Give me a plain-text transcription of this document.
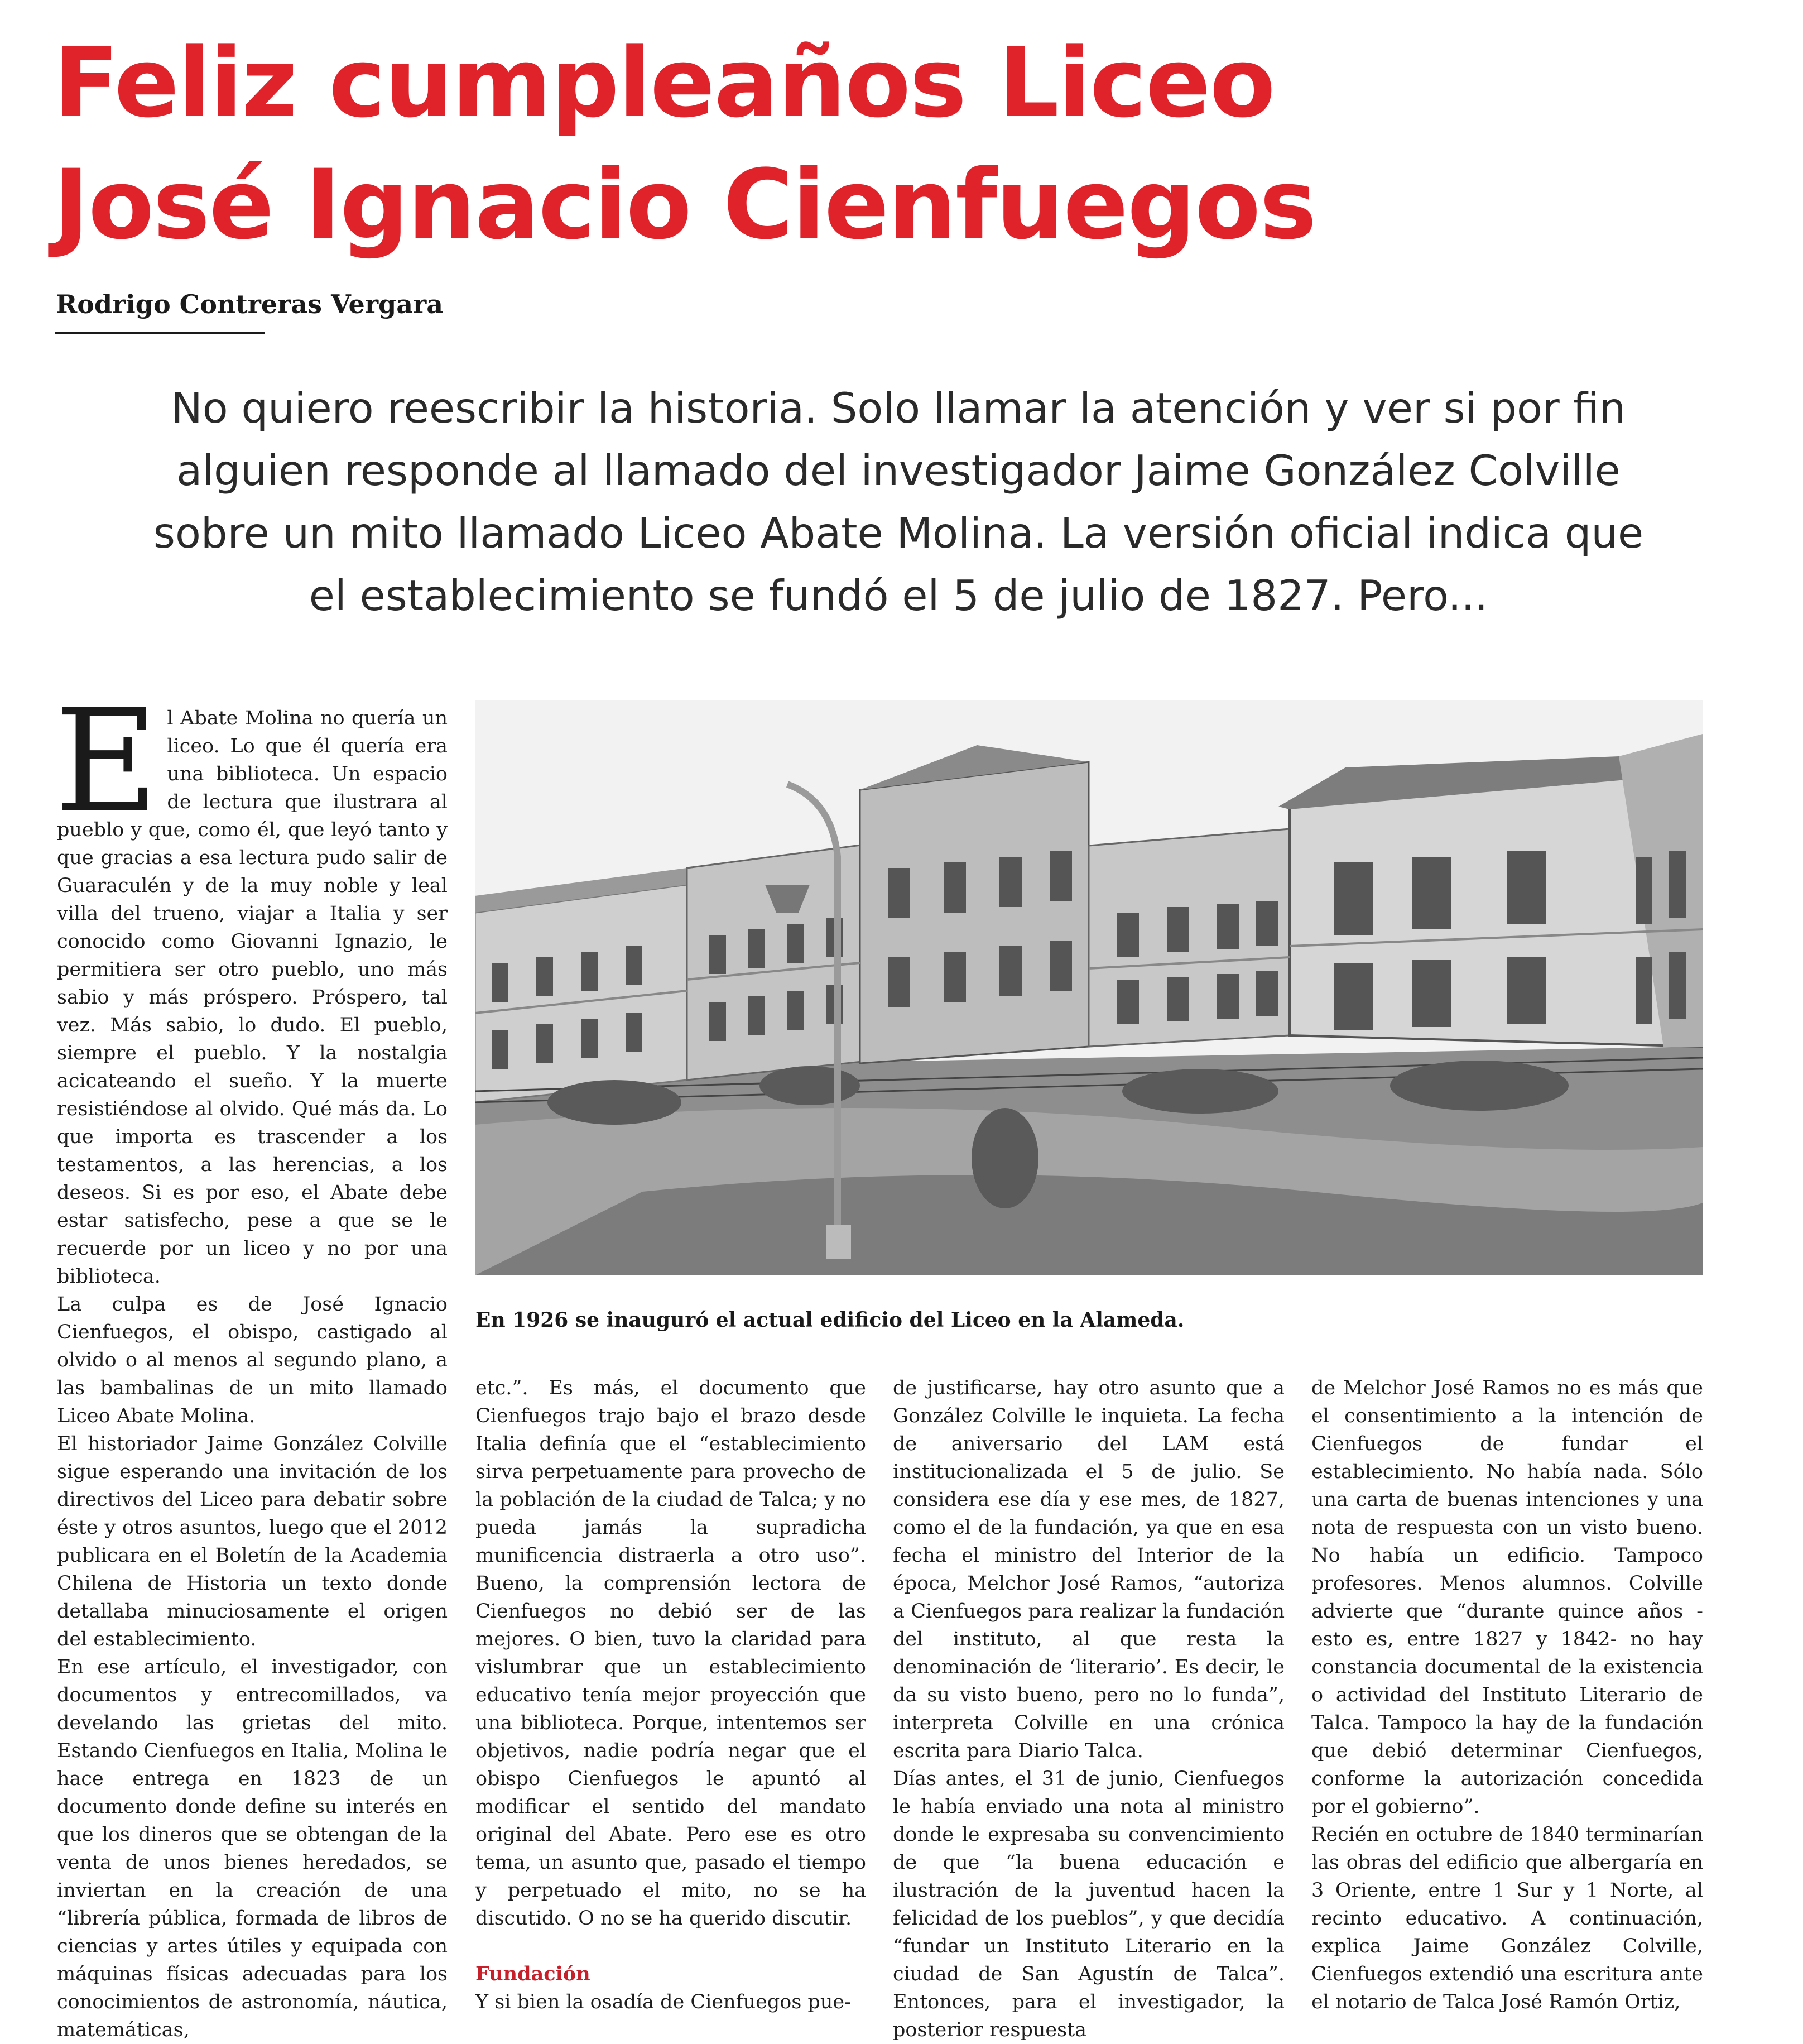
Feliz cumpleaños Liceo
José Ignacio Cienfuegos
Rodrigo Contreras Vergara
No quiero reescribir la historia. Solo llamar la atención y ver si por fin
alguien responde al llamado del investigador Jaime González Colville
sobre un mito llamado Liceo Abate Molina. La versión oficial indica que
el establecimiento se fundó el 5 de julio de 1827. Pero...
E l Abate Molina no quería un liceo. Lo que él quería era una biblioteca. Un espacio de lectura que ilustrara al pueblo y que, como él, que leyó tanto y que gracias a esa lectura pudo salir de Guaraculén y de la muy noble y leal villa del trueno, viajar a Italia y ser conocido como Giovanni Ignazio, le permitiera ser otro pueblo, uno más sabio y más próspero. Próspero, tal vez. Más sabio, lo dudo. El pueblo, siempre el pueblo. Y la nostalgia acicateando el sueño. Y la muerte resistiéndose al olvido. Qué más da. Lo que importa es trascender a los testamentos, a las herencias, a los deseos. Si es por eso, el Abate debe estar satisfecho, pese a que se le recuerde por un liceo y no por una biblioteca.

La culpa es de José Ignacio Cienfuegos, el obispo, castigado al olvido o al menos al segundo plano, a las bambalinas de un mito llamado Liceo Abate Molina.

El historiador Jaime González Colville sigue esperando una invitación de los directivos del Liceo para debatir sobre éste y otros asuntos, luego que el 2012 publicara en el Boletín de la Academia Chilena de Historia un texto donde detallaba minuciosamente el origen del establecimiento.

En ese artículo, el investigador, con documentos y entrecomillados, va develando las grietas del mito. Estando Cienfuegos en Italia, Molina le hace entrega en 1823 de un documento donde define su interés en que los dineros que se obtengan de la venta de unos bienes heredados, se inviertan en la creación de una “librería pública, formada de libros de ciencias y artes útiles y equipada con máquinas físicas adecuadas para los conocimientos de astronomía, náutica, matemáticas,

En 1926 se inauguró el actual edificio del Liceo en la Alameda.

etc.”. Es más, el documento que Cienfuegos trajo bajo el brazo desde Italia definía que el “establecimiento sirva perpetuamente para provecho de la población de la ciudad de Talca; y no pueda jamás la supradicha munificencia distraerla a otro uso”. Bueno, la comprensión lectora de Cienfuegos no debió ser de las mejores. O bien, tuvo la claridad para vislumbrar que un establecimiento educativo tenía mejor proyección que una biblioteca. Porque, intentemos ser objetivos, nadie podría negar que el obispo Cienfuegos le apuntó al modificar el sentido del mandato original del Abate. Pero ese es otro tema, un asunto que, pasado el tiempo y perpetuado el mito, no se ha discutido. O no se ha querido discutir.

Fundación

Y si bien la osadía de Cienfuegos pue-

de justificarse, hay otro asunto que a González Colville le inquieta. La fecha de aniversario del LAM está institucionalizada el 5 de julio. Se considera ese día y ese mes, de 1827, como el de la fundación, ya que en esa fecha el ministro del Interior de la época, Melchor José Ramos, “autoriza a Cienfuegos para realizar la fundación del instituto, al que resta la denominación de ‘literario’. Es decir, le da su visto bueno, pero no lo funda”, interpreta Colville en una crónica escrita para Diario Talca.

Días antes, el 31 de junio, Cienfuegos le había enviado una nota al ministro donde le expresaba su convencimiento de que “la buena educación e ilustración de la juventud hacen la felicidad de los pueblos”, y que decidía “fundar un Instituto Literario en la ciudad de San Agustín de Talca”. Entonces, para el investigador, la posterior respuesta

de Melchor José Ramos no es más que el consentimiento a la intención de Cienfuegos de fundar el establecimiento. No había nada. Sólo una carta de buenas intenciones y una nota de respuesta con un visto bueno. No había un edificio. Tampoco profesores. Menos alumnos. Colville advierte que “durante quince años -esto es, entre 1827 y 1842- no hay constancia documental de la existencia o actividad del Instituto Literario de Talca. Tampoco la hay de la fundación que debió determinar Cienfuegos, conforme la autorización concedida por el gobierno”.

Recién en octubre de 1840 terminarían las obras del edificio que albergaría en 3 Oriente, entre 1 Sur y 1 Norte, al recinto educativo. A continuación, explica Jaime González Colville, Cienfuegos extendió una escritura ante el notario de Talca José Ramón Ortiz,
